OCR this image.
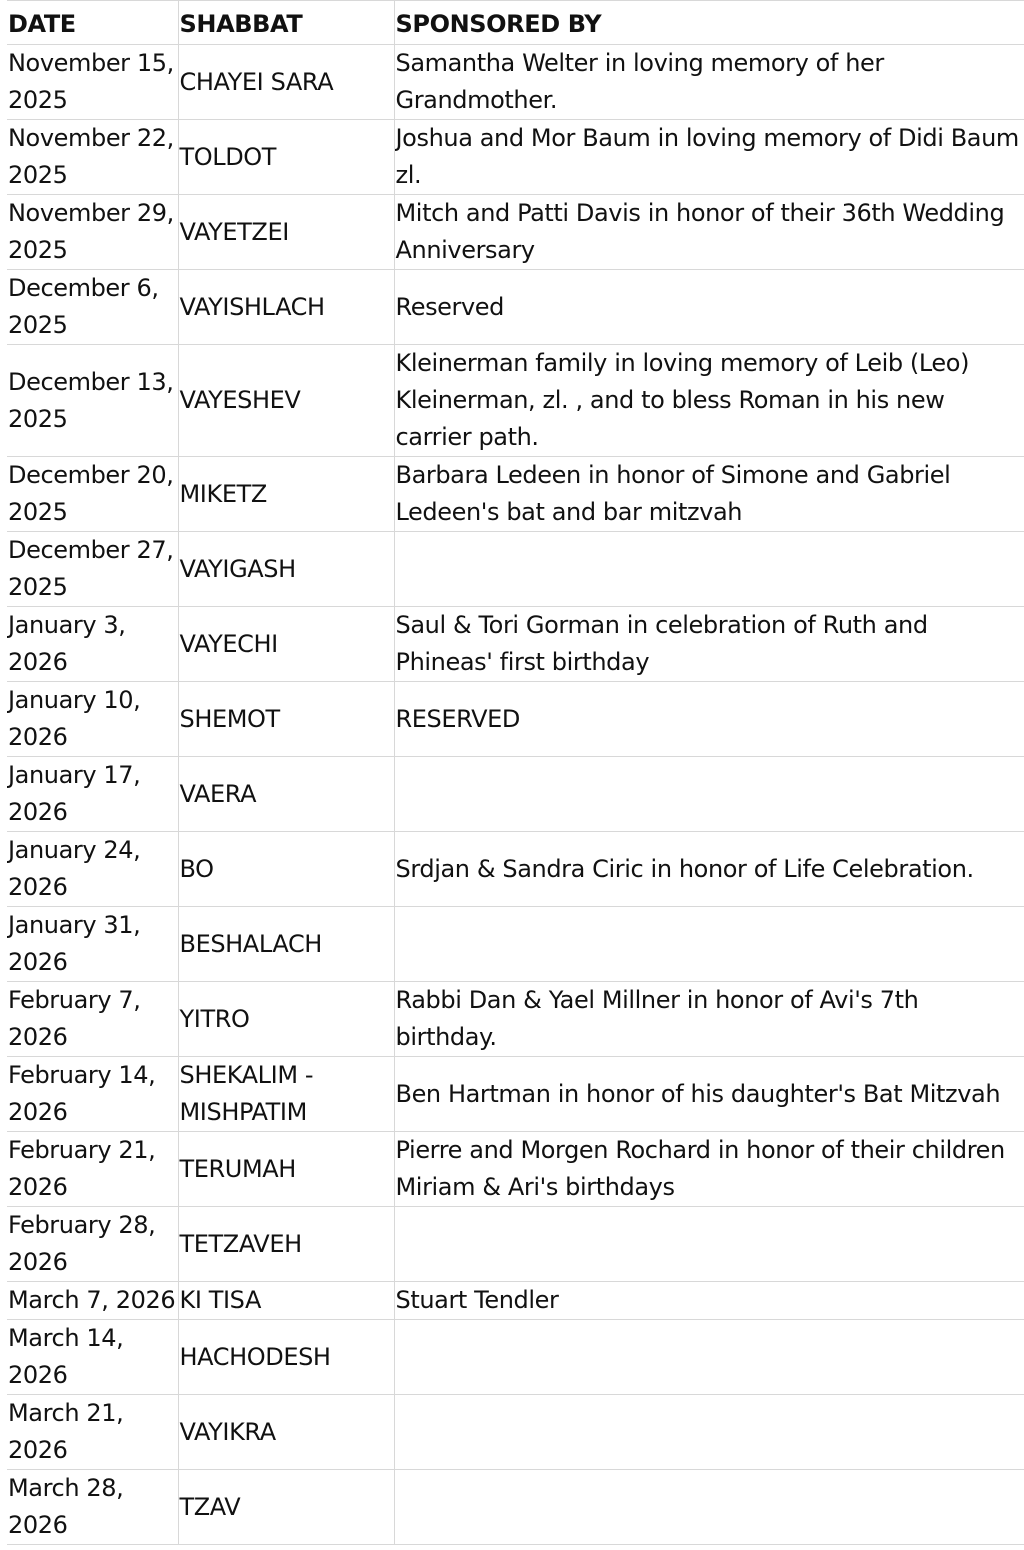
DATE	SHABBAT	SPONSORED BY
November 15, 2025	CHAYEI SARA	Samantha Welter in loving memory of her Grandmother.
November 22, 2025	TOLDOT	Joshua and Mor Baum in loving memory of Didi Baum zl.
November 29, 2025	VAYETZEI	Mitch and Patti Davis in honor of their 36th Wedding Anniversary
December 6, 2025	VAYISHLACH	Reserved
December 13, 2025	VAYESHEV	Kleinerman family in loving memory of Leib (Leo) Kleinerman, zl. , and to bless Roman in his new carrier path.
December 20, 2025	MIKETZ	Barbara Ledeen in honor of Simone and Gabriel Ledeen's bat and bar mitzvah
December 27, 2025	VAYIGASH	
January 3, 2026	VAYECHI	Saul & Tori Gorman in celebration of Ruth and Phineas' first birthday
January 10, 2026	SHEMOT	RESERVED
January 17, 2026	VAERA	
January 24, 2026	BO	Srdjan & Sandra Ciric in honor of Life Celebration.
January 31, 2026	BESHALACH	
February 7, 2026	YITRO	Rabbi Dan & Yael Millner in honor of Avi's 7th birthday.
February 14, 2026	SHEKALIM - MISHPATIM	Ben Hartman in honor of his daughter's Bat Mitzvah
February 21, 2026	TERUMAH	Pierre and Morgen Rochard in honor of their children Miriam & Ari's birthdays
February 28, 2026	TETZAVEH	
March 7, 2026	KI TISA	Stuart Tendler
March 14, 2026	HACHODESH	
March 21, 2026	VAYIKRA	
March 28, 2026	TZAV	
